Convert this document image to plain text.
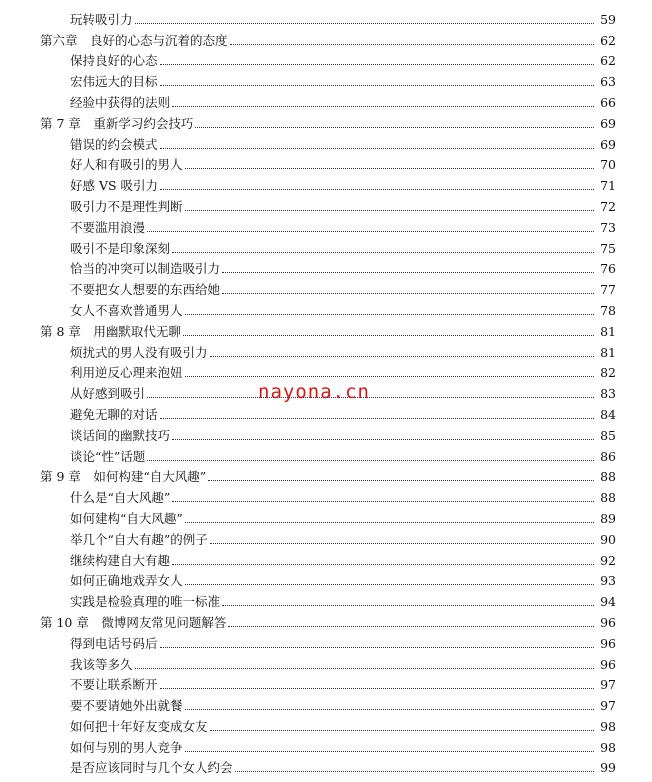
玩转吸引力	59
第六章　良好的心态与沉着的态度	62
保持良好的心态	62
宏伟远大的目标	63
经验中获得的法则	66
第 7 章　重新学习约会技巧	69
错误的约会模式	69
好人和有吸引的男人	70
好感 VS 吸引力	71
吸引力不是理性判断	72
不要滥用浪漫	73
吸引不是印象深刻	75
恰当的冲突可以制造吸引力	76
不要把女人想要的东西给她	77
女人不喜欢普通男人	78
第 8 章　用幽默取代无聊	81
烦扰式的男人没有吸引力	81
利用逆反心理来泡妞	82
从好感到吸引	83
避免无聊的对话	84
谈话间的幽默技巧	85
谈论“性”话题	86
第 9 章　如何构建“自大风趣”	88
什么是“自大风趣”	88
如何建构“自大风趣”	89
举几个“自大有趣”的例子	90
继续构建自大有趣	92
如何正确地戏弄女人	93
实践是检验真理的唯一标准	94
第 10 章　微博网友常见问题解答	96
得到电话号码后	96
我该等多久	96
不要让联系断开	97
要不要请她外出就餐	97
如何把十年好友变成女友	98
如何与别的男人竞争	98
是否应该同时与几个女人约会	99
nayona.cn
